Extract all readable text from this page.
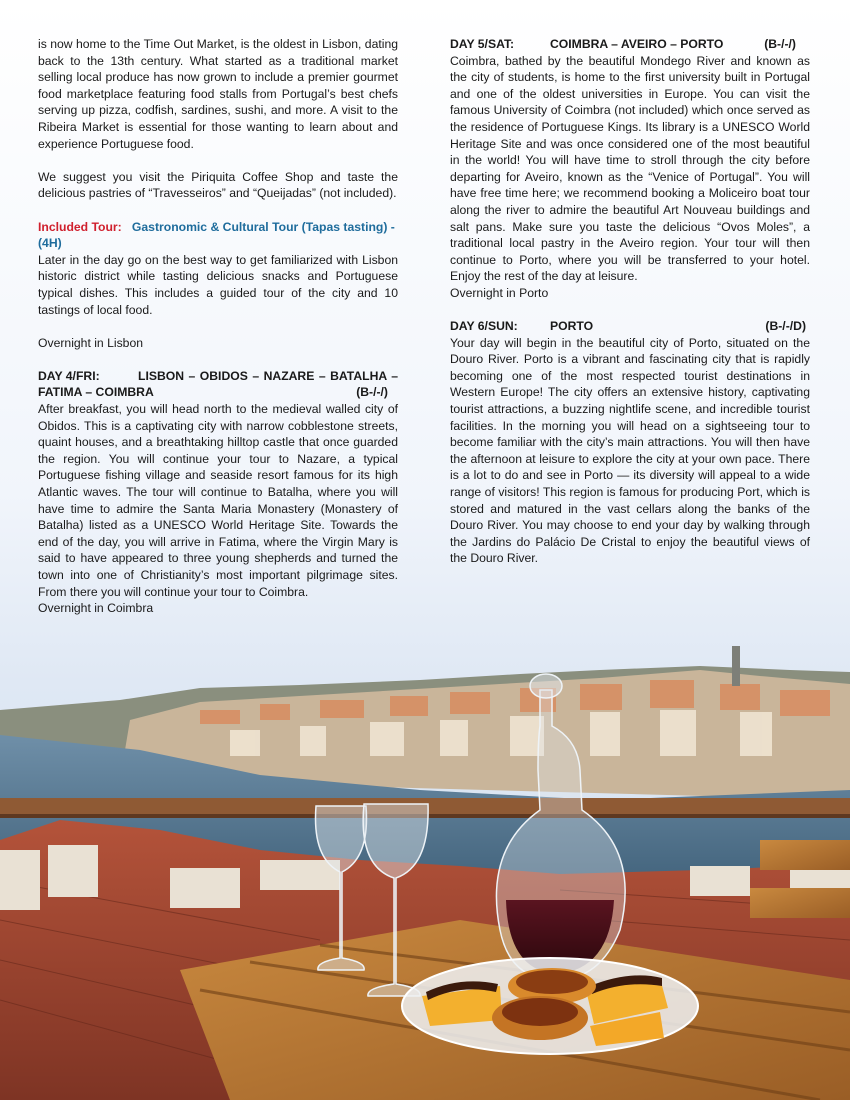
is now home to the Time Out Market, is the oldest in Lisbon, dating back to the 13th century. What started as a traditional market selling local produce has now grown to include a premier gourmet food marketplace featuring food stalls from Portugal’s best chefs serving up pizza, codfish, sardines, sushi, and more. A visit to the Ribeira Market is essential for those wanting to learn about and experience Portuguese food.

We suggest you visit the Piriquita Coffee Shop and taste the delicious pastries of “Travesseiros” and “Queijadas” (not included).

Included Tour: Gastronomic & Cultural Tour (Tapas tasting) - (4H)

Later in the day go on the best way to get familiarized with Lisbon historic district while tasting delicious snacks and Portuguese typical dishes. This includes a guided tour of the city and 10 tastings of local food.

Overnight in Lisbon

DAY 4/FRI:	LISBON – OBIDOS – NAZARE – BATALHA –
FATIMA – COIMBRA	(B-/-/)

After breakfast, you will head north to the medieval walled city of Obidos. This is a captivating city with narrow cobblestone streets, quaint houses, and a breathtaking hilltop castle that once guarded the region. You will continue your tour to Nazare, a typical Portuguese fishing village and seaside resort famous for its high Atlantic waves. The tour will continue to Batalha, where you will have time to admire the Santa Maria Monastery (Monastery of Batalha) listed as a UNESCO World Heritage Site. Towards the end of the day, you will arrive in Fatima, where the Virgin Mary is said to have appeared to three young shepherds and turned the town into one of Christianity’s most important pilgrimage sites. From there you will continue your tour to Coimbra.

Overnight in Coimbra

DAY 5/SAT:	COIMBRA – AVEIRO – PORTO	(B-/-/)

Coimbra, bathed by the beautiful Mondego River and known as the city of students, is home to the first university built in Portugal and one of the oldest universities in Europe. You can visit the famous University of Coimbra (not included) which once served as the residence of Portuguese Kings. Its library is a UNESCO World Heritage Site and was once considered one of the most beautiful in the world! You will have time to stroll through the city before departing for Aveiro, known as the “Venice of Portugal”. You will have free time here; we recommend booking a Moliceiro boat tour along the river to admire the beautiful Art Nouveau buildings and salt pans. Make sure you taste the delicious “Ovos Moles”, a traditional local pastry in the Aveiro region. Your tour will then continue to Porto, where you will be transferred to your hotel. Enjoy the rest of the day at leisure.

Overnight in Porto

DAY 6/SUN:	PORTO	(B-/-/D)

Your day will begin in the beautiful city of Porto, situated on the Douro River. Porto is a vibrant and fascinating city that is rapidly becoming one of the most respected tourist destinations in Western Europe! The city offers an extensive history, captivating tourist attractions, a buzzing nightlife scene, and incredible tourist facilities. In the morning you will head on a sightseeing tour to become familiar with the city’s main attractions. You will then have the afternoon at leisure to explore the city at your own pace. There is a lot to do and see in Porto — its diversity will appeal to a wide range of visitors! This region is famous for producing Port, which is stored and matured in the vast cellars along the banks of the Douro River. You may choose to end your day by walking through the Jardins do Palácio De Cristal to enjoy the beautiful views of the Douro River.
